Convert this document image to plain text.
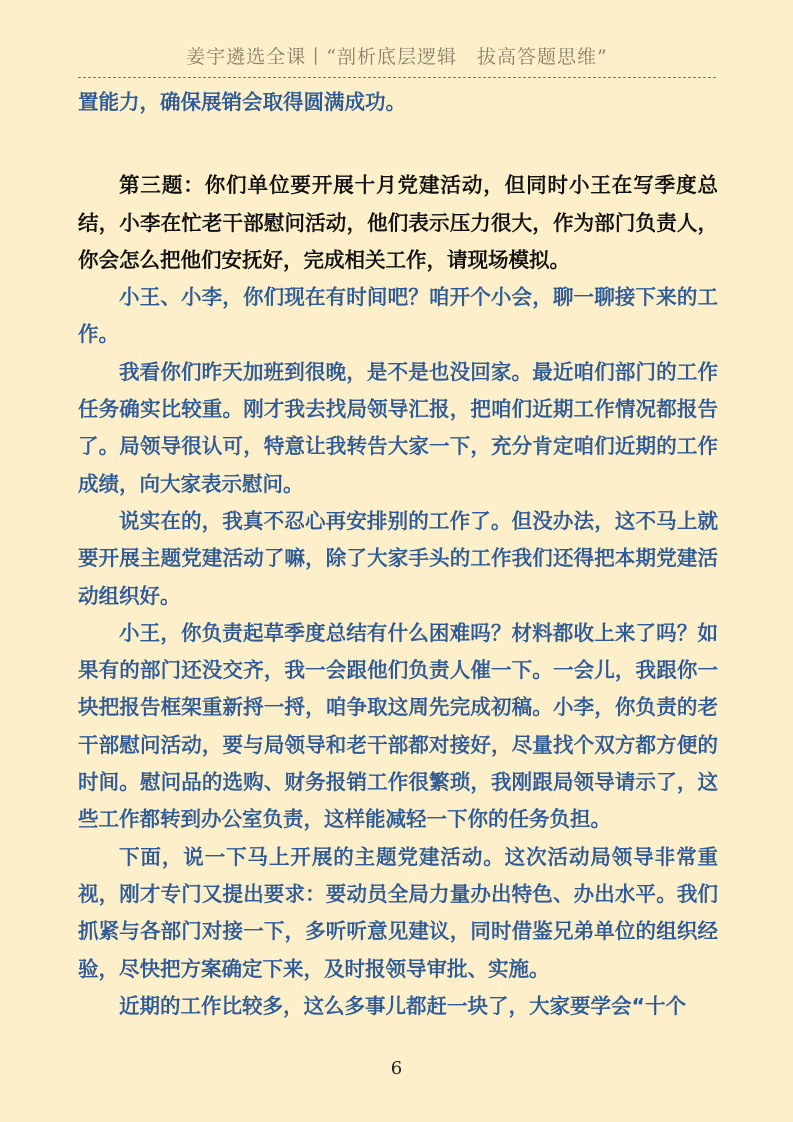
姜宇遴选全课丨“剖析底层逻辑　拔高答题思维”

置能力，确保展销会取得圆满成功。

第三题：你们单位要开展十月党建活动，但同时小王在写季度总结，小李在忙老干部慰问活动，他们表示压力很大，作为部门负责人，你会怎么把他们安抚好，完成相关工作，请现场模拟。

小王、小李，你们现在有时间吧？咱开个小会，聊一聊接下来的工作。

我看你们昨天加班到很晚，是不是也没回家。最近咱们部门的工作任务确实比较重。刚才我去找局领导汇报，把咱们近期工作情况都报告了。局领导很认可，特意让我转告大家一下，充分肯定咱们近期的工作成绩，向大家表示慰问。

说实在的，我真不忍心再安排别的工作了。但没办法，这不马上就要开展主题党建活动了嘛，除了大家手头的工作我们还得把本期党建活动组织好。

小王，你负责起草季度总结有什么困难吗？材料都收上来了吗？如果有的部门还没交齐，我一会跟他们负责人催一下。一会儿，我跟你一块把报告框架重新捋一捋，咱争取这周先完成初稿。小李，你负责的老干部慰问活动，要与局领导和老干部都对接好，尽量找个双方都方便的时间。慰问品的选购、财务报销工作很繁琐，我刚跟局领导请示了，这些工作都转到办公室负责，这样能减轻一下你的任务负担。

下面，说一下马上开展的主题党建活动。这次活动局领导非常重视，刚才专门又提出要求：要动员全局力量办出特色、办出水平。我们抓紧与各部门对接一下，多听听意见建议，同时借鉴兄弟单位的组织经验，尽快把方案确定下来，及时报领导审批、实施。

近期的工作比较多，这么多事儿都赶一块了，大家要学会“十个

6
